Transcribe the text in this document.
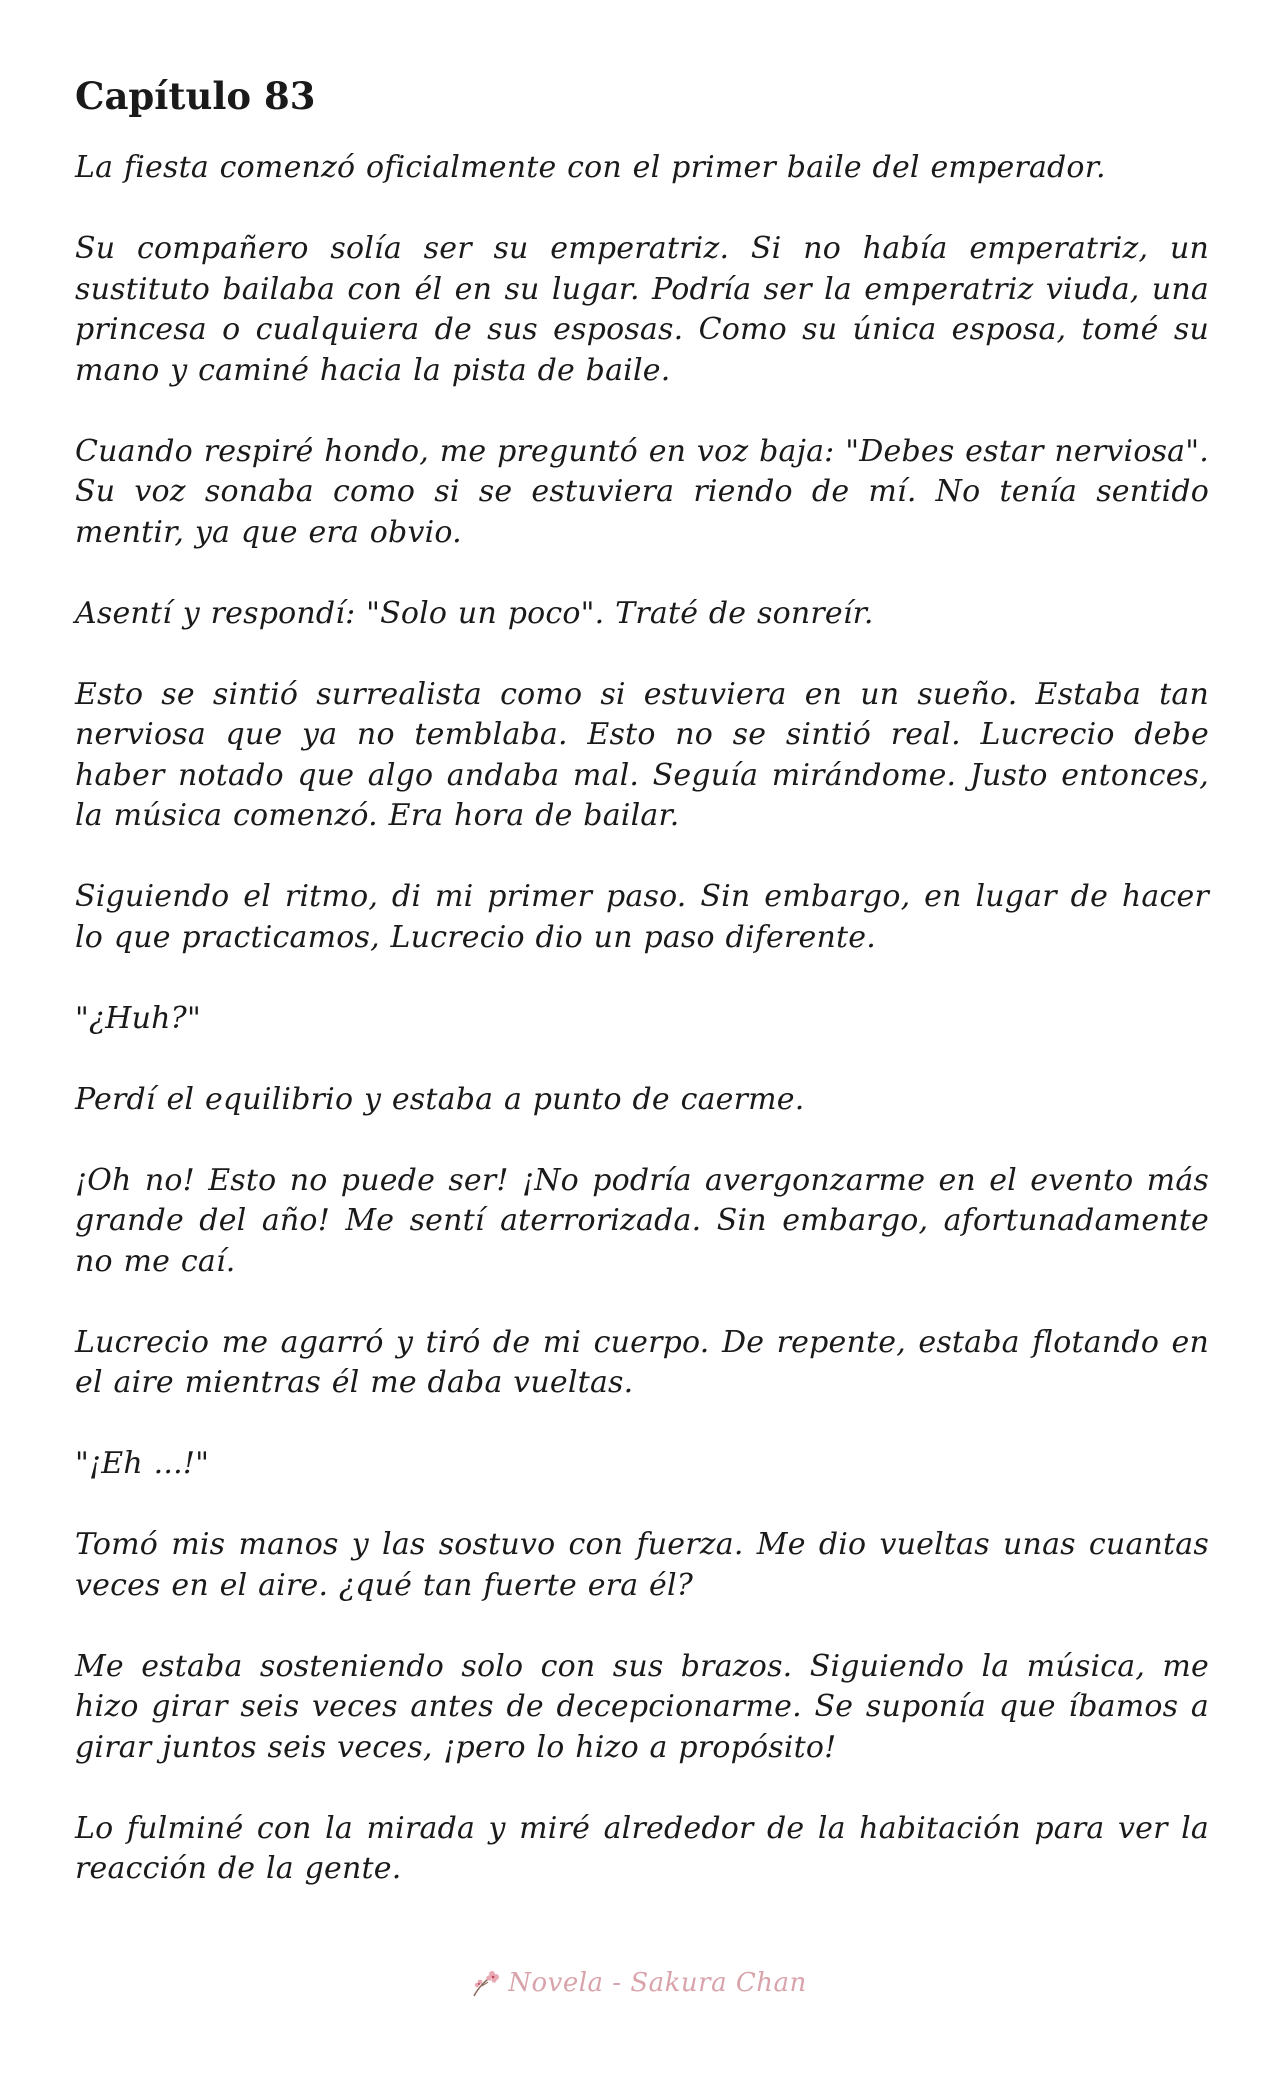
Capítulo 83

La fiesta comenzó oficialmente con el primer baile del emperador.

Su compañero solía ser su emperatriz. Si no había emperatriz, un sustituto bailaba con él en su lugar. Podría ser la emperatriz viuda, una princesa o cualquiera de sus esposas. Como su única esposa, tomé su mano y caminé hacia la pista de baile.

Cuando respiré hondo, me preguntó en voz baja: "Debes estar nerviosa". Su voz sonaba como si se estuviera riendo de mí. No tenía sentido mentir, ya que era obvio.

Asentí y respondí: "Solo un poco". Traté de sonreír.

Esto se sintió surrealista como si estuviera en un sueño. Estaba tan nerviosa que ya no temblaba. Esto no se sintió real. Lucrecio debe haber notado que algo andaba mal. Seguía mirándome. Justo entonces, la música comenzó. Era hora de bailar.

Siguiendo el ritmo, di mi primer paso. Sin embargo, en lugar de hacer lo que practicamos, Lucrecio dio un paso diferente.

"¿Huh?"

Perdí el equilibrio y estaba a punto de caerme.

¡Oh no! Esto no puede ser! ¡No podría avergonzarme en el evento más grande del año! Me sentí aterrorizada. Sin embargo, afortunadamente no me caí.

Lucrecio me agarró y tiró de mi cuerpo. De repente, estaba flotando en el aire mientras él me daba vueltas.

"¡Eh ...!"

Tomó mis manos y las sostuvo con fuerza. Me dio vueltas unas cuantas veces en el aire. ¿qué tan fuerte era él?

Me estaba sosteniendo solo con sus brazos. Siguiendo la música, me hizo girar seis veces antes de decepcionarme. Se suponía que íbamos a girar juntos seis veces, ¡pero lo hizo a propósito!

Lo fulminé con la mirada y miré alrededor de la habitación para ver la reacción de la gente.

Novela - Sakura Chan
